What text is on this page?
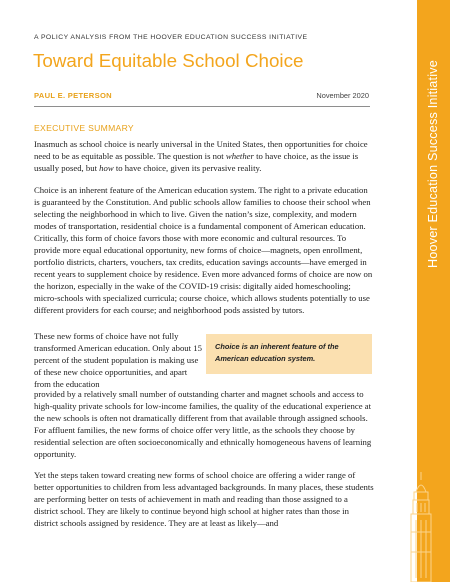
Hoover Education Success Initiative
A POLICY ANALYSIS FROM THE HOOVER EDUCATION SUCCESS INITIATIVE
Toward Equitable School Choice
PAUL E. PETERSON	November 2020
EXECUTIVE SUMMARY

Inasmuch as school choice is nearly universal in the United States, then opportunities for choice need to be as equitable as possible. The question is not whether to have choice, as the issue is usually posed, but how to have choice, given its pervasive reality.

Choice is an inherent feature of the American education system. The right to a private education is guaranteed by the Constitution. And public schools allow families to choose their school when selecting the neighborhood in which to live. Given the nation’s size, complexity, and modern modes of transportation, residential choice is a fundamental component of American education. Critically, this form of choice favors those with more economic and cultural resources. To provide more equal educational opportunity, new forms of choice—magnets, open enrollment, portfolio districts, charters, vouchers, tax credits, education savings accounts—have emerged in recent years to supplement choice by residence. Even more advanced forms of choice are now on the horizon, especially in the wake of the COVID-19 crisis: digitally aided homeschooling; micro-schools with specialized curricula; course choice, which allows students potentially to use different providers for each course; and neighborhood pods assisted by tutors.

These new forms of choice have not fully transformed American education. Only about 15 percent of the student population is making use of these new choice opportunities, and apart from the education

Choice is an inherent feature of the American education system.

provided by a relatively small number of outstanding charter and magnet schools and access to high-quality private schools for low-income families, the quality of the educational experience at the new schools is often not dramatically different from that available through assigned schools. For affluent families, the new forms of choice offer very little, as the schools they choose by residential selection are often socioeconomically and ethnically homogeneous havens of learning opportunity.

Yet the steps taken toward creating new forms of school choice are offering a wider range of better opportunities to children from less advantaged backgrounds. In many places, these students are performing better on tests of achievement in math and reading than those assigned to a district school. They are likely to continue beyond high school at higher rates than those in district schools assigned by residence. They are at least as likely—and
